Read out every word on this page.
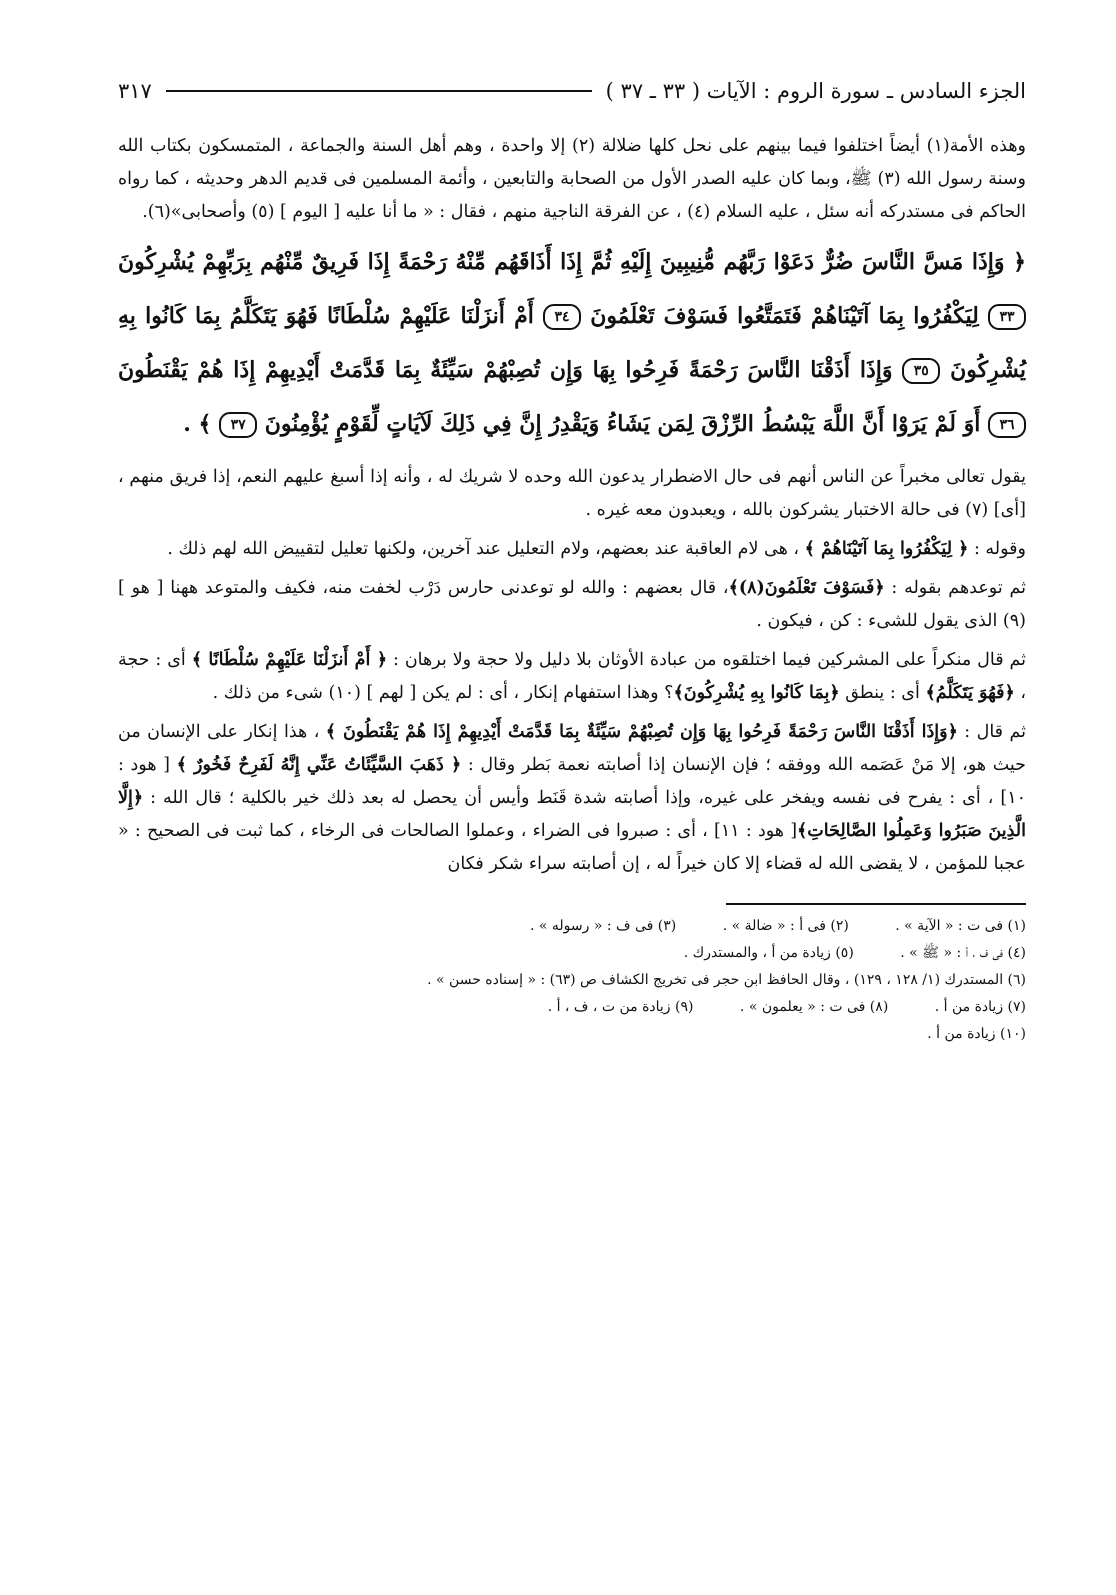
الجزء السادس ـ سورة الروم : الآيات ( ٣٣ ـ ٣٧ )
٣١٧

وهذه الأمة(١) أيضاً اختلفوا فيما بينهم على نحل كلها ضلالة (٢) إلا واحدة ، وهم أهل السنة والجماعة ، المتمسكون بكتاب الله وسنة رسول الله (٣) ﷺ، وبما كان عليه الصدر الأول من الصحابة والتابعين ، وأئمة المسلمين فى قديم الدهر وحديثه ، كما رواه الحاكم فى مستدركه أنه سئل ، عليه السلام (٤) ، عن الفرقة الناجية منهم ، فقال : « ما أنا عليه [ اليوم ] (٥) وأصحابى»(٦).

﴿ وَإِذَا مَسَّ النَّاسَ ضُرٌّ دَعَوْا رَبَّهُم مُّنِيبِينَ إِلَيْهِ ثُمَّ إِذَا أَذَاقَهُم مِّنْهُ رَحْمَةً إِذَا فَرِيقٌ مِّنْهُم بِرَبِّهِمْ يُشْرِكُونَ ٣٣ لِيَكْفُرُوا بِمَا آتَيْنَاهُمْ فَتَمَتَّعُوا فَسَوْفَ تَعْلَمُونَ ٣٤ أَمْ أَنزَلْنَا عَلَيْهِمْ سُلْطَانًا فَهُوَ يَتَكَلَّمُ بِمَا كَانُوا بِهِ يُشْرِكُونَ ٣٥ وَإِذَا أَذَقْنَا النَّاسَ رَحْمَةً فَرِحُوا بِهَا وَإِن تُصِبْهُمْ سَيِّئَةٌ بِمَا قَدَّمَتْ أَيْدِيهِمْ إِذَا هُمْ يَقْنَطُونَ ٣٦ أَوَ لَمْ يَرَوْا أَنَّ اللَّهَ يَبْسُطُ الرِّزْقَ لِمَن يَشَاءُ وَيَقْدِرُ إِنَّ فِي ذَلِكَ لَآيَاتٍ لِّقَوْمٍ يُؤْمِنُونَ ٣٧ ﴾ .

يقول تعالى مخبراً عن الناس أنهم فى حال الاضطرار يدعون الله وحده لا شريك له ، وأنه إذا أسبغ عليهم النعم، إذا فريق منهم ، [أى] (٧) فى حالة الاختبار يشركون بالله ، ويعبدون معه غيره .

وقوله : ﴿ لِيَكْفُرُوا بِمَا آتَيْنَاهُمْ ﴾ ، هى لام العاقبة عند بعضهم، ولام التعليل عند آخرين، ولكنها تعليل لتقييض الله لهم ذلك .

ثم توعدهم بقوله : ﴿فَسَوْفَ تَعْلَمُونَ(٨)﴾، قال بعضهم : والله لو توعدنى حارس دَرْب لخفت منه، فكيف والمتوعد ههنا [ هو ] (٩) الذى يقول للشىء : كن ، فيكون .

ثم قال منكراً على المشركين فيما اختلقوه من عبادة الأوثان بلا دليل ولا حجة ولا برهان : ﴿ أَمْ أَنزَلْنَا عَلَيْهِمْ سُلْطَانًا ﴾ أى : حجة ، ﴿فَهُوَ يَتَكَلَّمُ﴾ أى : ينطق ﴿بِمَا كَانُوا بِهِ يُشْرِكُونَ﴾؟ وهذا استفهام إنكار ، أى : لم يكن [ لهم ] (١٠) شىء من ذلك .

ثم قال : ﴿وَإِذَا أَذَقْنَا النَّاسَ رَحْمَةً فَرِحُوا بِهَا وَإِن تُصِبْهُمْ سَيِّئَةٌ بِمَا قَدَّمَتْ أَيْدِيهِمْ إِذَا هُمْ يَقْنَطُونَ ﴾ ، هذا إنكار على الإنسان من حيث هو، إلا مَنْ عَصَمه الله ووفقه ؛ فإن الإنسان إذا أصابته نعمة بَطر وقال : ﴿ ذَهَبَ السَّيِّئَاتُ عَنِّي إِنَّهُ لَفَرِحٌ فَخُورٌ ﴾ [ هود : ١٠] ، أى : يفرح فى نفسه ويفخر على غيره، وإذا أصابته شدة قَنَط وأيس أن يحصل له بعد ذلك خير بالكلية ؛ قال الله : ﴿إِلَّا الَّذِينَ صَبَرُوا وَعَمِلُوا الصَّالِحَاتِ﴾[ هود : ١١] ، أى : صبروا فى الضراء ، وعملوا الصالحات فى الرخاء ، كما ثبت فى الصحيح : « عجبا للمؤمن ، لا يقضى الله له قضاء إلا كان خيراً له ، إن أصابته سراء شكر فكان

(١) فى ت : « الآية » . (٢) فى أ : « ضالة » . (٣) فى ف : « رسوله » .
(٤) فى ف ، أ : « ﷺ » . (٥) زيادة من أ ، والمستدرك .
(٦) المستدرك (١/ ١٢٨ ، ١٢٩) ، وقال الحافظ ابن حجر فى تخريج الكشاف ص (٦٣) : « إسناده حسن » .
(٧) زيادة من أ . (٨) فى ت : « يعلمون » . (٩) زيادة من ت ، ف ، أ .
(١٠) زيادة من أ .
